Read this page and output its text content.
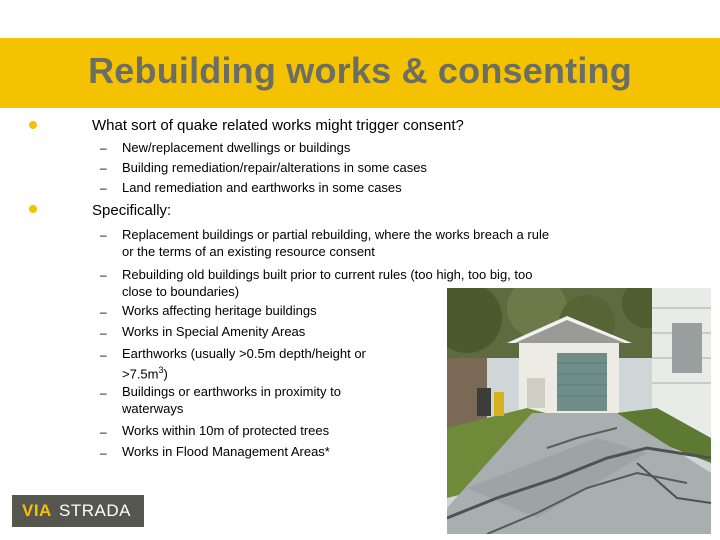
Rebuilding works & consenting
What sort of quake related works might trigger consent?
– New/replacement dwellings or buildings
– Building remediation/repair/alterations in some cases
– Land remediation and earthworks in some cases
Specifically:
– Replacement buildings or partial rebuilding, where the works breach a rule
or the terms of an existing resource consent
– Rebuilding old buildings built prior to current rules (too high, too big, too
close to boundaries)
– Works affecting heritage buildings
– Works in Special Amenity Areas
– Earthworks (usually >0.5m depth/height or
$>7.5m^3$)
– Buildings or earthworks in proximity to
waterways
– Works within 10m of protected trees
– Works in Flood Management Areas*
VIA STRADA
